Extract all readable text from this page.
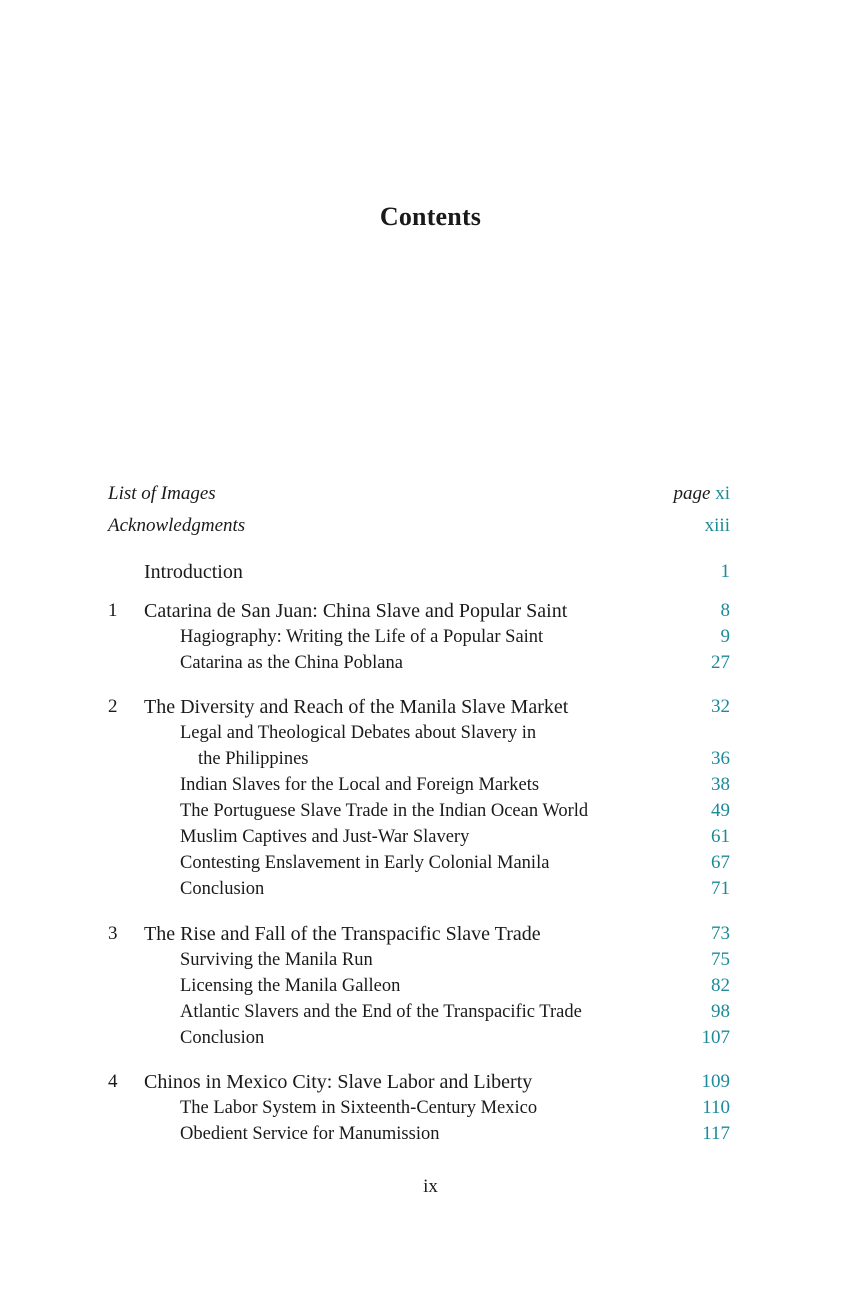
Contents
List of Images	page xi
Acknowledgments	xiii
Introduction	1
1 Catarina de San Juan: China Slave and Popular Saint	8
Hagiography: Writing the Life of a Popular Saint	9
Catarina as the China Poblana	27
2 The Diversity and Reach of the Manila Slave Market	32
Legal and Theological Debates about Slavery in
the Philippines	36
Indian Slaves for the Local and Foreign Markets	38
The Portuguese Slave Trade in the Indian Ocean World	49
Muslim Captives and Just-War Slavery	61
Contesting Enslavement in Early Colonial Manila	67
Conclusion	71
3 The Rise and Fall of the Transpacific Slave Trade	73
Surviving the Manila Run	75
Licensing the Manila Galleon	82
Atlantic Slavers and the End of the Transpacific Trade	98
Conclusion	107
4 Chinos in Mexico City: Slave Labor and Liberty	109
The Labor System in Sixteenth-Century Mexico	110
Obedient Service for Manumission	117
ix
